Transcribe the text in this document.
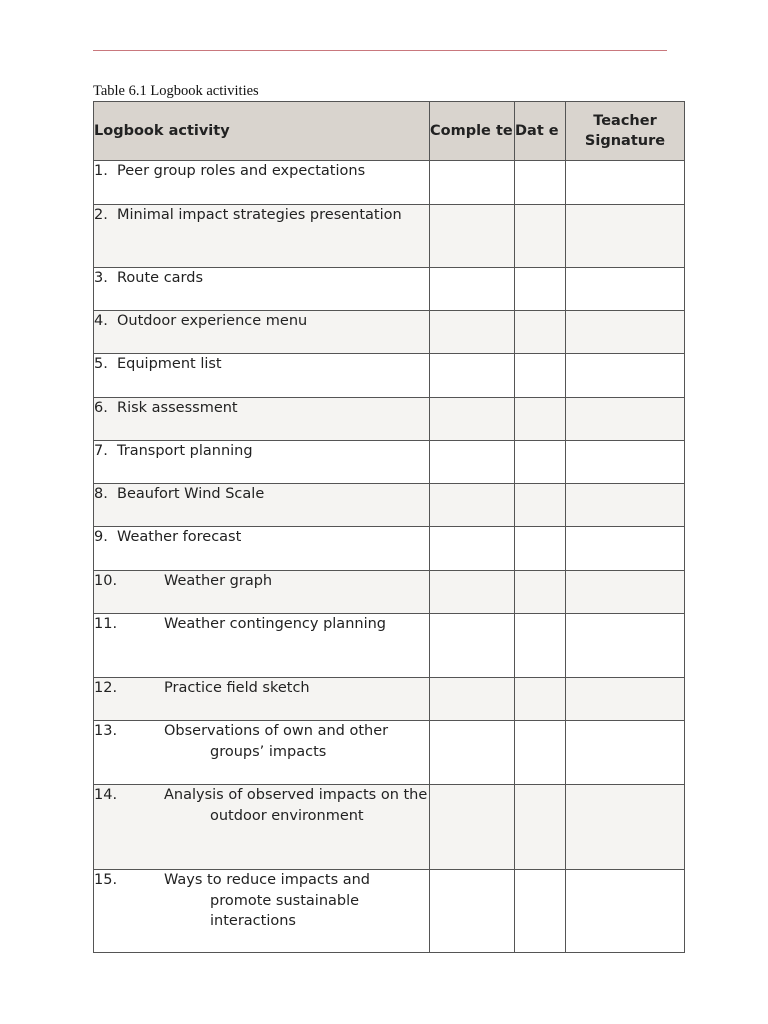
Table 6.1 Logbook activities
Logbook activity	Comple te	Dat e	Teacher Signature

1. Peer group roles and expectations			

2. Minimal impact strategies presentation			

3. Route cards			

4. Outdoor experience menu			

5. Equipment list			

6. Risk assessment			

7. Transport planning			

8. Beaufort Wind Scale			

9. Weather forecast			

10. Weather graph			

11. Weather contingency planning			

12. Practice field sketch			

13. Observations of own and other groups’ impacts			

14. Analysis of observed impacts on the outdoor environment			

15. Ways to reduce impacts and promote sustainable interactions			
